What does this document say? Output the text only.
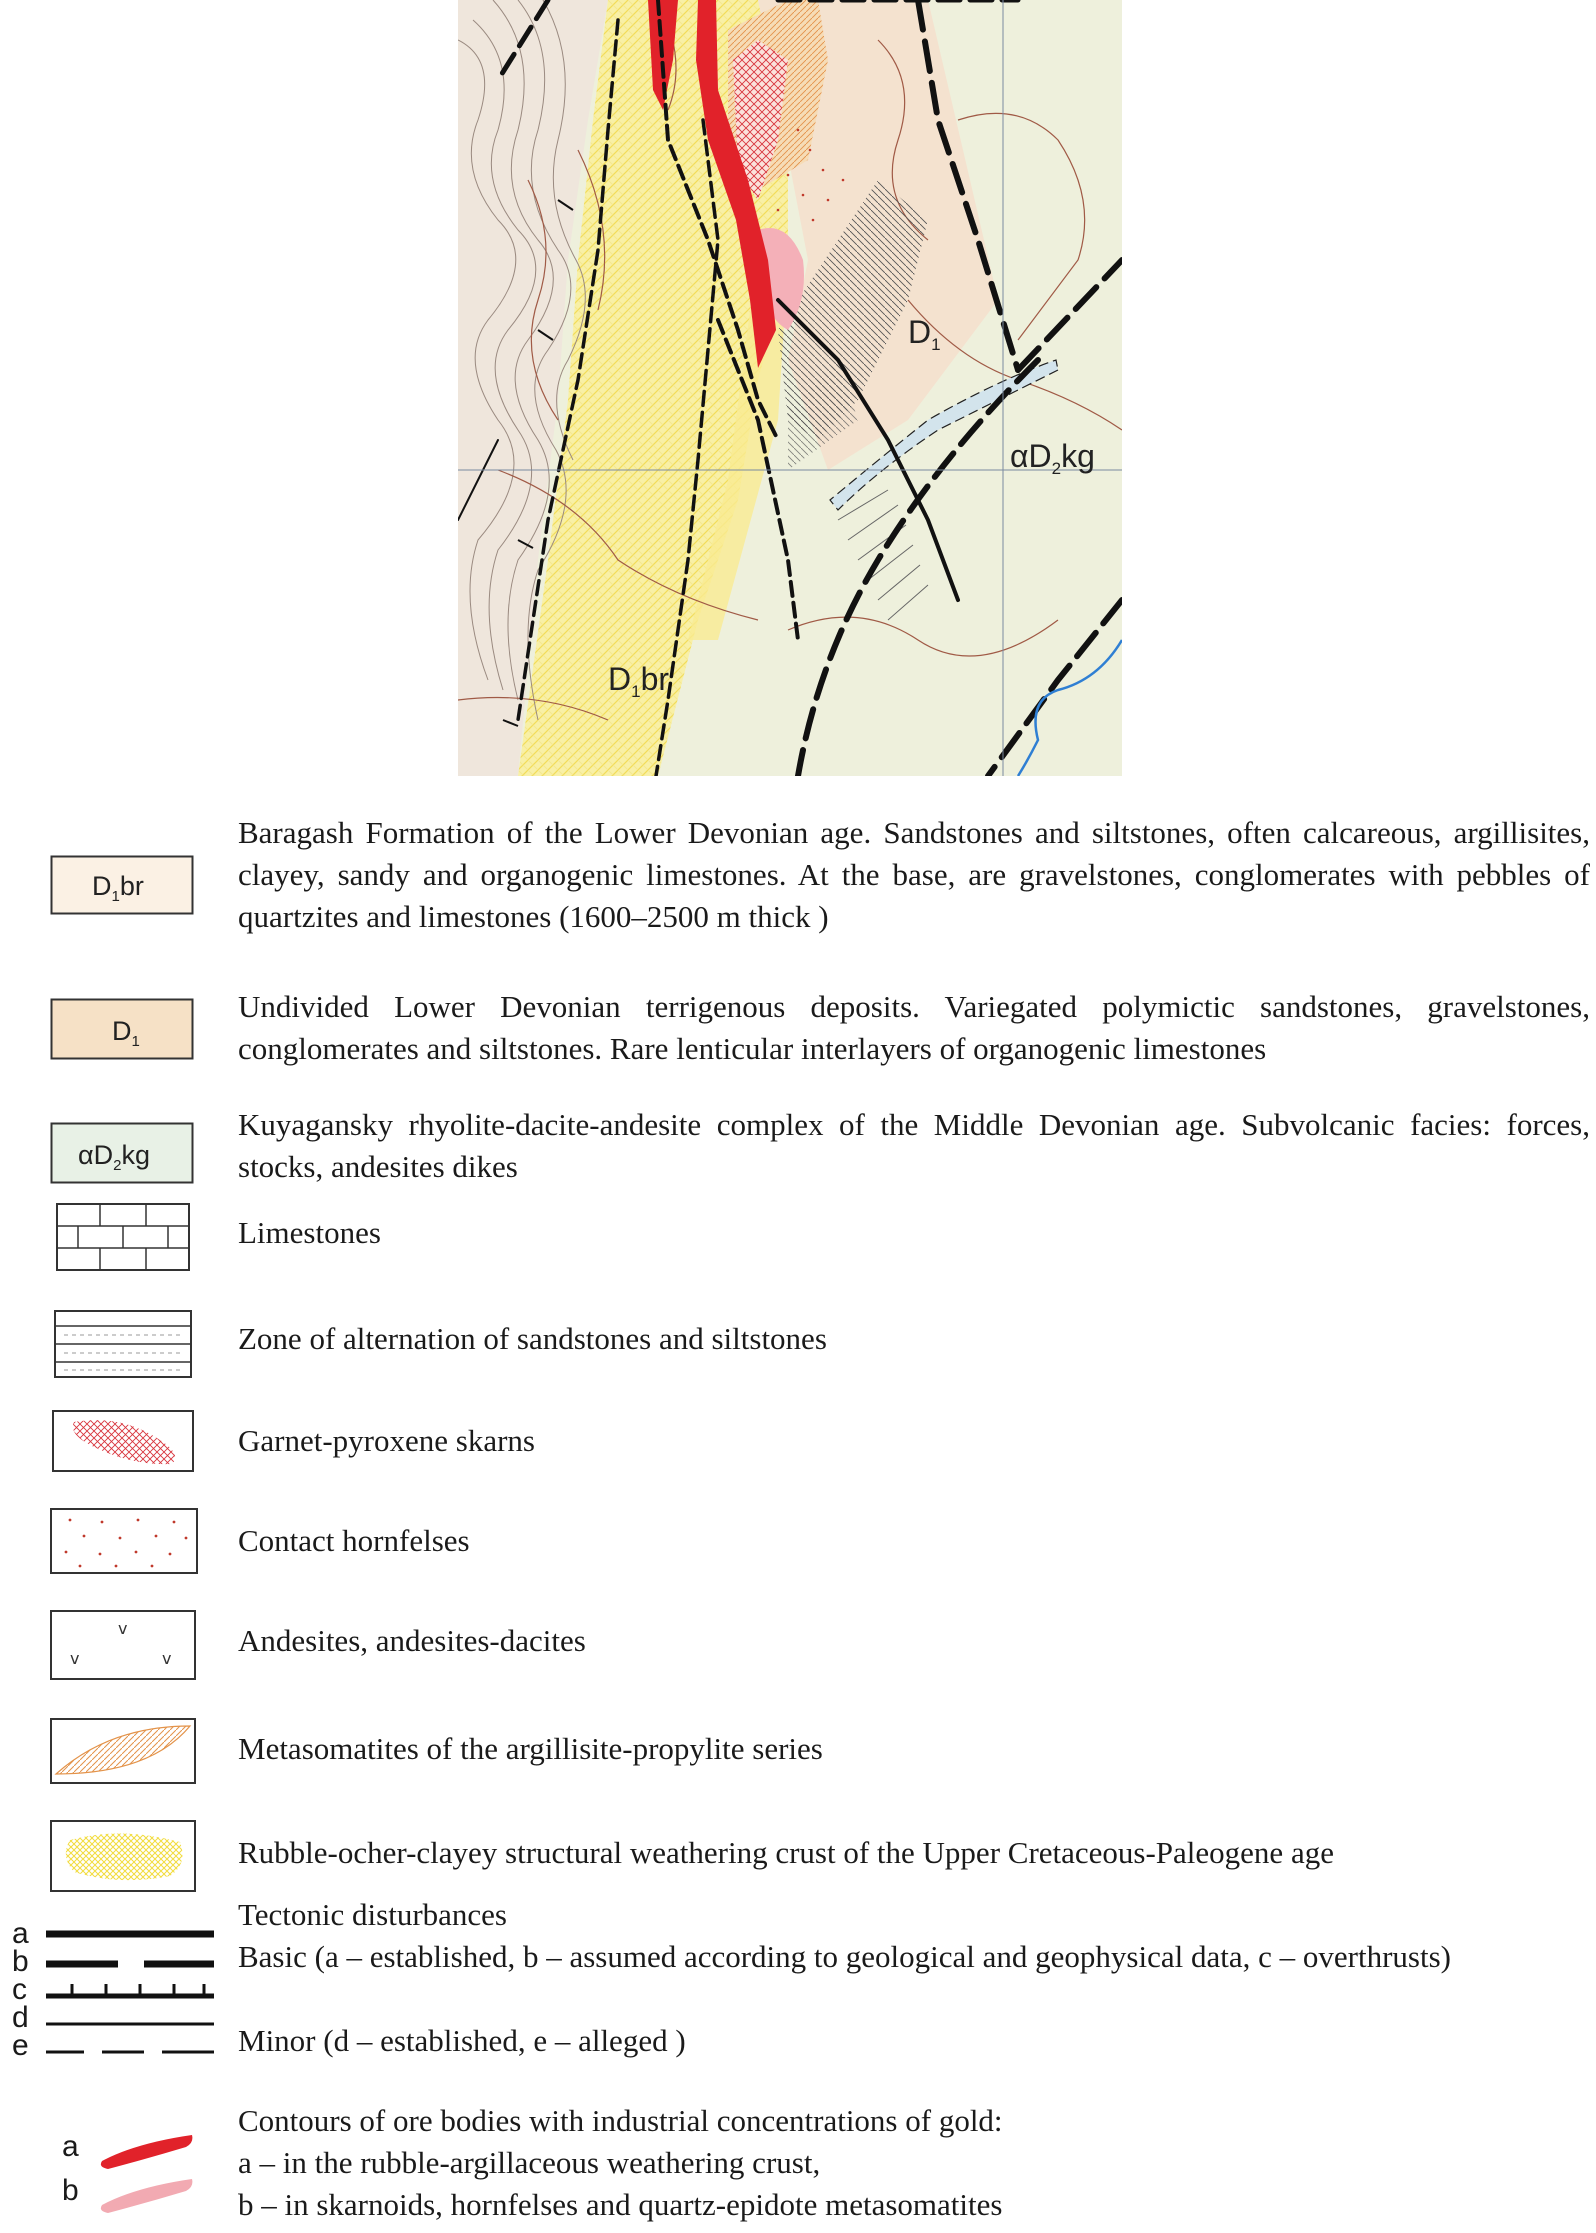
$D_1$
$\alpha D_2kg$
$D_1br$
$D_1br$
Baragash Formation of the Lower Devonian age. Sandstones and siltstones, often calcareous, argillisites, clayey, sandy and organogenic limestones. At the base, are gravelstones, conglomerates with pebbles of quartzites and limestones (1600–2500 m thick )
$D_1$
Undivided Lower Devonian terrigenous deposits. Variegated polymictic sandstones, gravelstones, conglomerates and siltstones. Rare lenticular interlayers of organogenic limestones
$\alpha D_2kg$
Kuyagansky rhyolite-dacite-andesite complex of the Middle Devonian age. Subvolcanic facies: forces, stocks, andesites dikes
Limestones
Zone of alternation of sandstones and siltstones
Garnet-pyroxene skarns
Contact hornfelses
v
v	v
Andesites, andesites-dacites
Metasomatites of the argillisite-propylite series
Rubble-ocher-clayey structural weathering crust of the Upper Cretaceous-Paleogene age
a
b
c
d
e
Tectonic disturbances
Basic (a – established, b – assumed according to geological and geophysical data, c – overthrusts)
Minor (d – established, e – alleged )
a
b
Contours of ore bodies with industrial concentrations of gold:
a – in the rubble-argillaceous weathering crust,
b – in skarnoids, hornfelses and quartz-epidote metasomatites
